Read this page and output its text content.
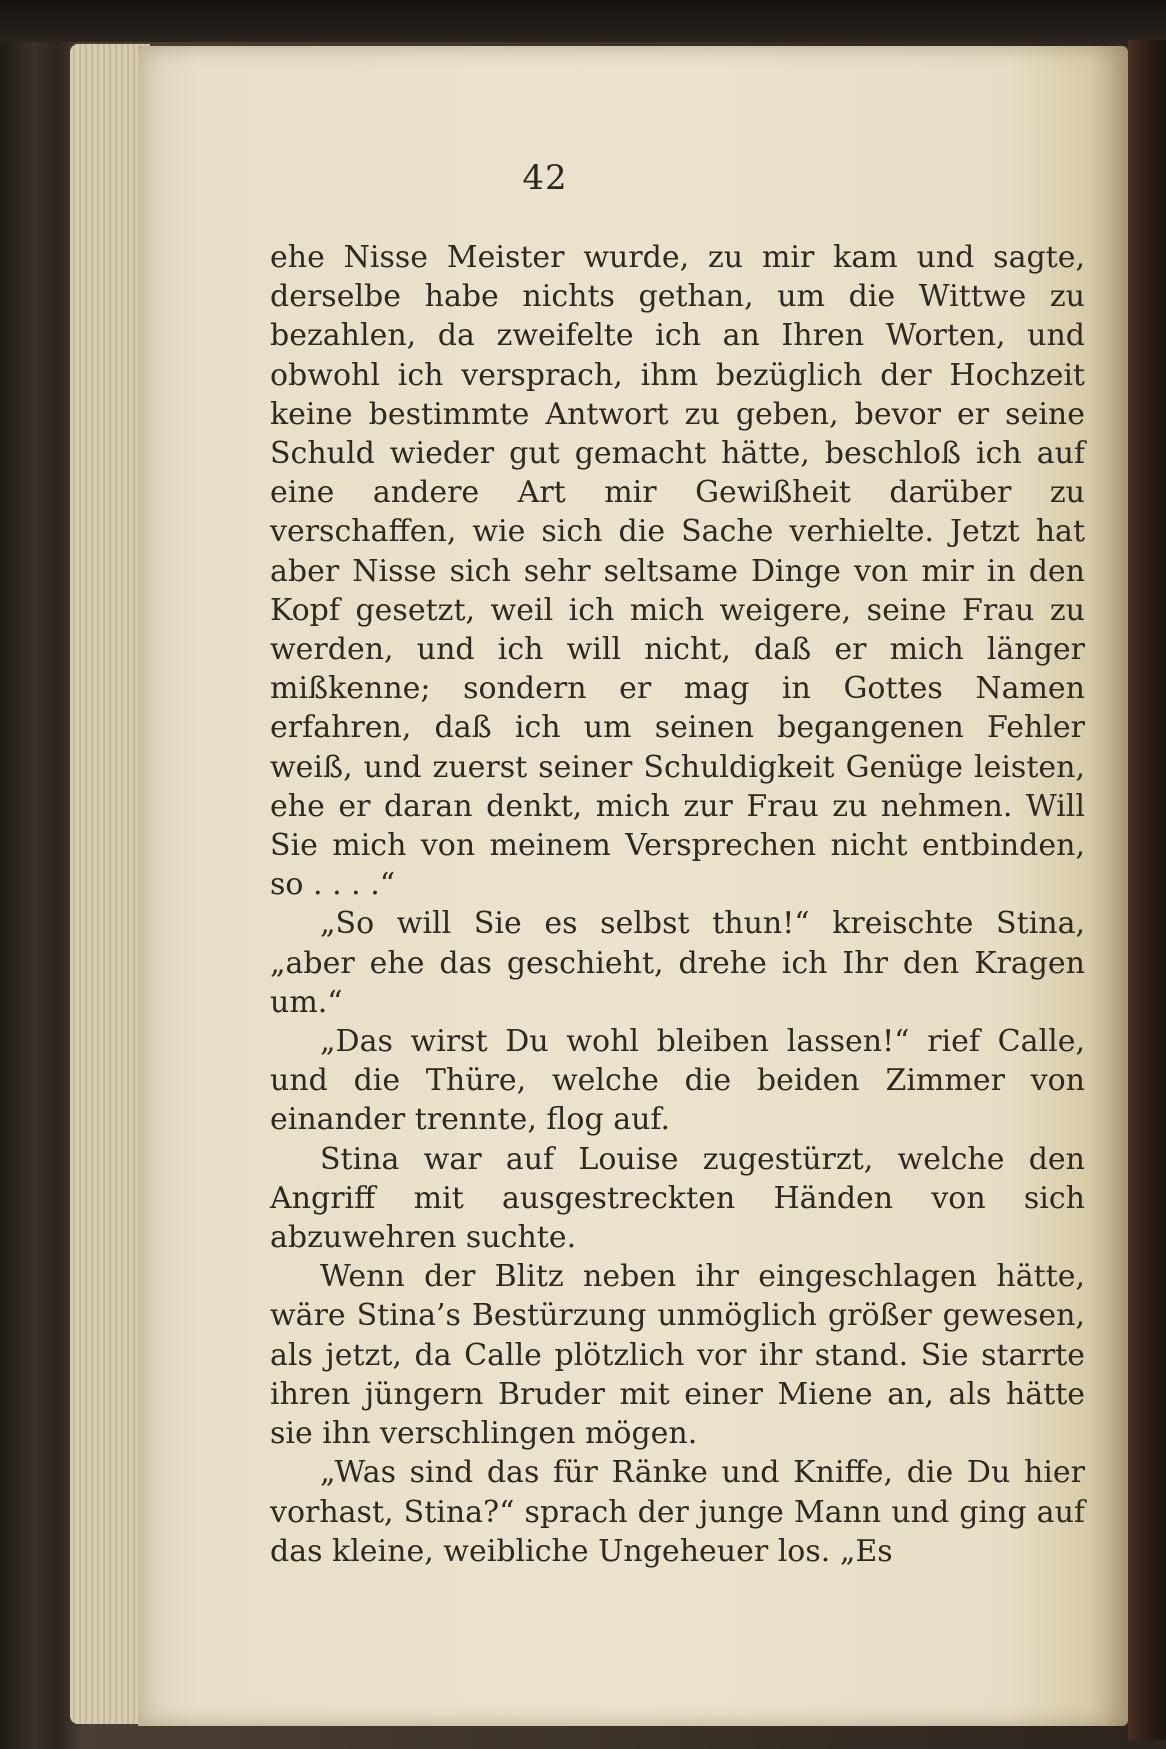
42

ehe Nisse Meister wurde, zu mir kam und sagte, derselbe habe nichts gethan, um die Wittwe zu bezahlen, da zweifelte ich an Ihren Worten, und obwohl ich versprach, ihm bezüglich der Hochzeit keine bestimmte Antwort zu geben, bevor er seine Schuld wieder gut gemacht hätte, beschloß ich auf eine andere Art mir Gewißheit darüber zu verschaffen, wie sich die Sache verhielte. Jetzt hat aber Nisse sich sehr seltsame Dinge von mir in den Kopf gesetzt, weil ich mich weigere, seine Frau zu werden, und ich will nicht, daß er mich länger mißkenne; sondern er mag in Gottes Namen erfahren, daß ich um seinen begangenen Fehler weiß, und zuerst seiner Schuldigkeit Genüge leisten, ehe er daran denkt, mich zur Frau zu nehmen. Will Sie mich von meinem Versprechen nicht entbinden, so . . . .“

„So will Sie es selbst thun!“ kreischte Stina, „aber ehe das geschieht, drehe ich Ihr den Kragen um.“

„Das wirst Du wohl bleiben lassen!“ rief Calle, und die Thüre, welche die beiden Zimmer von einander trennte, flog auf.

Stina war auf Louise zugestürzt, welche den Angriff mit ausgestreckten Händen von sich abzuwehren suchte.

Wenn der Blitz neben ihr eingeschlagen hätte, wäre Stina’s Bestürzung unmöglich größer gewesen, als jetzt, da Calle plötzlich vor ihr stand. Sie starrte ihren jüngern Bruder mit einer Miene an, als hätte sie ihn verschlingen mögen.

„Was sind das für Ränke und Kniffe, die Du hier vorhast, Stina?“ sprach der junge Mann und ging auf das kleine, weibliche Ungeheuer los. „Es
